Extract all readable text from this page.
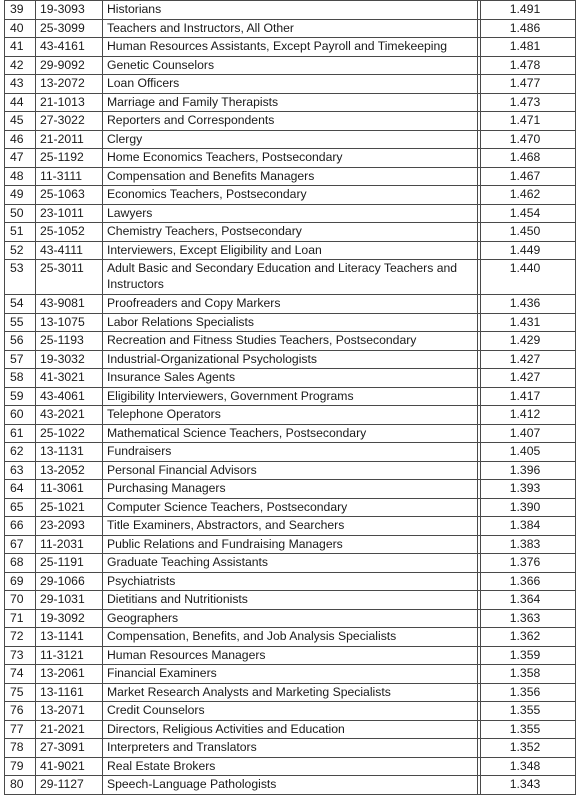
39	19-3093	Historians		1.491
40	25-3099	Teachers and Instructors, All Other		1.486
41	43-4161	Human Resources Assistants, Except Payroll and Timekeeping		1.481
42	29-9092	Genetic Counselors		1.478
43	13-2072	Loan Officers		1.477
44	21-1013	Marriage and Family Therapists		1.473
45	27-3022	Reporters and Correspondents		1.471
46	21-2011	Clergy		1.470
47	25-1192	Home Economics Teachers, Postsecondary		1.468
48	11-3111	Compensation and Benefits Managers		1.467
49	25-1063	Economics Teachers, Postsecondary		1.462
50	23-1011	Lawyers		1.454
51	25-1052	Chemistry Teachers, Postsecondary		1.450
52	43-4111	Interviewers, Except Eligibility and Loan		1.449
53	25-3011	Adult Basic and Secondary Education and Literacy Teachers and Instructors		1.440
54	43-9081	Proofreaders and Copy Markers		1.436
55	13-1075	Labor Relations Specialists		1.431
56	25-1193	Recreation and Fitness Studies Teachers, Postsecondary		1.429
57	19-3032	Industrial-Organizational Psychologists		1.427
58	41-3021	Insurance Sales Agents		1.427
59	43-4061	Eligibility Interviewers, Government Programs		1.417
60	43-2021	Telephone Operators		1.412
61	25-1022	Mathematical Science Teachers, Postsecondary		1.407
62	13-1131	Fundraisers		1.405
63	13-2052	Personal Financial Advisors		1.396
64	11-3061	Purchasing Managers		1.393
65	25-1021	Computer Science Teachers, Postsecondary		1.390
66	23-2093	Title Examiners, Abstractors, and Searchers		1.384
67	11-2031	Public Relations and Fundraising Managers		1.383
68	25-1191	Graduate Teaching Assistants		1.376
69	29-1066	Psychiatrists		1.366
70	29-1031	Dietitians and Nutritionists		1.364
71	19-3092	Geographers		1.363
72	13-1141	Compensation, Benefits, and Job Analysis Specialists		1.362
73	11-3121	Human Resources Managers		1.359
74	13-2061	Financial Examiners		1.358
75	13-1161	Market Research Analysts and Marketing Specialists		1.356
76	13-2071	Credit Counselors		1.355
77	21-2021	Directors, Religious Activities and Education		1.355
78	27-3091	Interpreters and Translators		1.352
79	41-9021	Real Estate Brokers		1.348
80	29-1127	Speech-Language Pathologists		1.343
